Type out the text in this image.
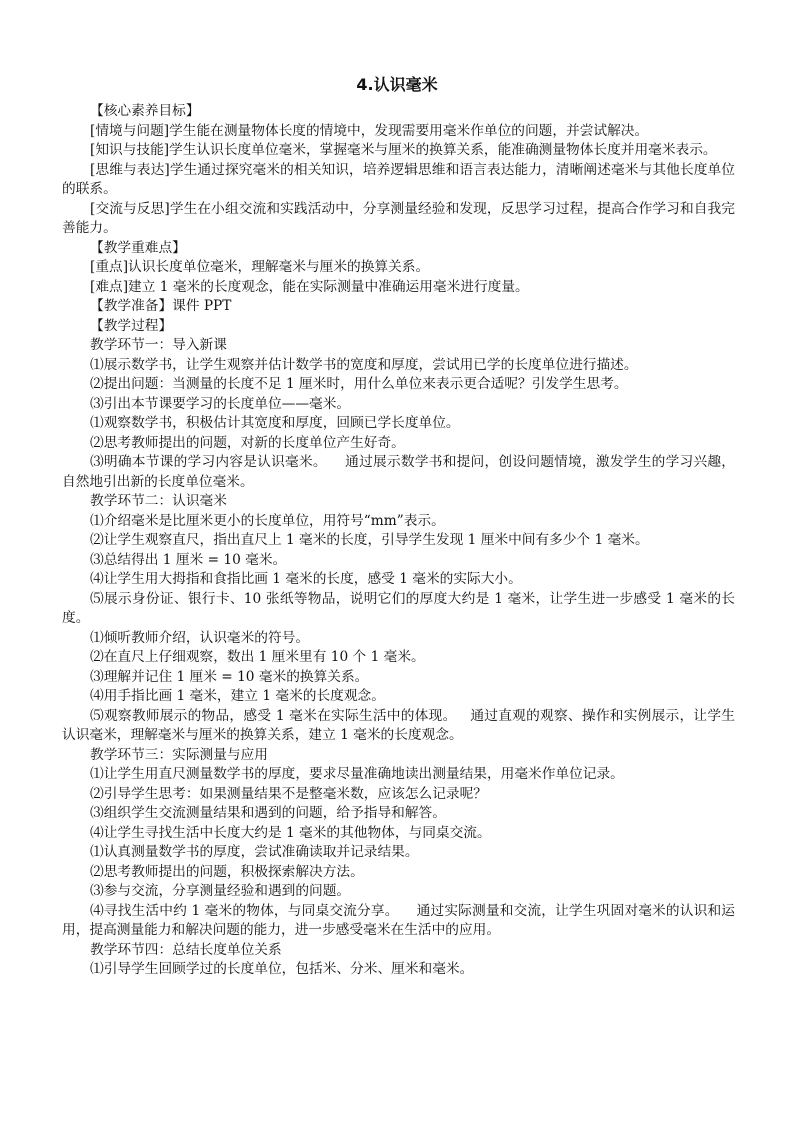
4.认识毫米

【核心素养目标】

[情境与问题]学生能在测量物体长度的情境中，发现需要用毫米作单位的问题，并尝试解决。

[知识与技能]学生认识长度单位毫米，掌握毫米与厘米的换算关系，能准确测量物体长度并用毫米表示。

[思维与表达]学生通过探究毫米的相关知识，培养逻辑思维和语言表达能力，清晰阐述毫米与其他长度单位的联系。

[交流与反思]学生在小组交流和实践活动中，分享测量经验和发现，反思学习过程，提高合作学习和自我完善能力。

【教学重难点】

[重点]认识长度单位毫米，理解毫米与厘米的换算关系。

[难点]建立 1 毫米的长度观念，能在实际测量中准确运用毫米进行度量。

【教学准备】课件 PPT

【教学过程】

教学环节一：导入新课

⑴展示数学书，让学生观察并估计数学书的宽度和厚度，尝试用已学的长度单位进行描述。

⑵提出问题：当测量的长度不足 1 厘米时，用什么单位来表示更合适呢？引发学生思考。

⑶引出本节课要学习的长度单位——毫米。

⑴观察数学书，积极估计其宽度和厚度，回顾已学长度单位。

⑵思考教师提出的问题，对新的长度单位产生好奇。

⑶明确本节课的学习内容是认识毫米。    通过展示数学书和提问，创设问题情境，激发学生的学习兴趣，自然地引出新的长度单位毫米。

教学环节二：认识毫米

⑴介绍毫米是比厘米更小的长度单位，用符号“mm”表示。

⑵让学生观察直尺，指出直尺上 1 毫米的长度，引导学生发现 1 厘米中间有多少个 1 毫米。

⑶总结得出 1 厘米 = 10 毫米。

⑷让学生用大拇指和食指比画 1 毫米的长度，感受 1 毫米的实际大小。

⑸展示身份证、银行卡、10 张纸等物品，说明它们的厚度大约是 1 毫米，让学生进一步感受 1 毫米的长度。

⑴倾听教师介绍，认识毫米的符号。

⑵在直尺上仔细观察，数出 1 厘米里有 10 个 1 毫米。

⑶理解并记住 1 厘米 = 10 毫米的换算关系。

⑷用手指比画 1 毫米，建立 1 毫米的长度观念。

⑸观察教师展示的物品，感受 1 毫米在实际生活中的体现。   通过直观的观察、操作和实例展示，让学生认识毫米，理解毫米与厘米的换算关系，建立 1 毫米的长度观念。

教学环节三：实际测量与应用

⑴让学生用直尺测量数学书的厚度，要求尽量准确地读出测量结果，用毫米作单位记录。

⑵引导学生思考：如果测量结果不是整毫米数，应该怎么记录呢？

⑶组织学生交流测量结果和遇到的问题，给予指导和解答。

⑷让学生寻找生活中长度大约是 1 毫米的其他物体，与同桌交流。

⑴认真测量数学书的厚度，尝试准确读取并记录结果。

⑵思考教师提出的问题，积极探索解决方法。

⑶参与交流，分享测量经验和遇到的问题。

⑷寻找生活中约 1 毫米的物体，与同桌交流分享。    通过实际测量和交流，让学生巩固对毫米的认识和运用，提高测量能力和解决问题的能力，进一步感受毫米在生活中的应用。

教学环节四：总结长度单位关系

⑴引导学生回顾学过的长度单位，包括米、分米、厘米和毫米。
